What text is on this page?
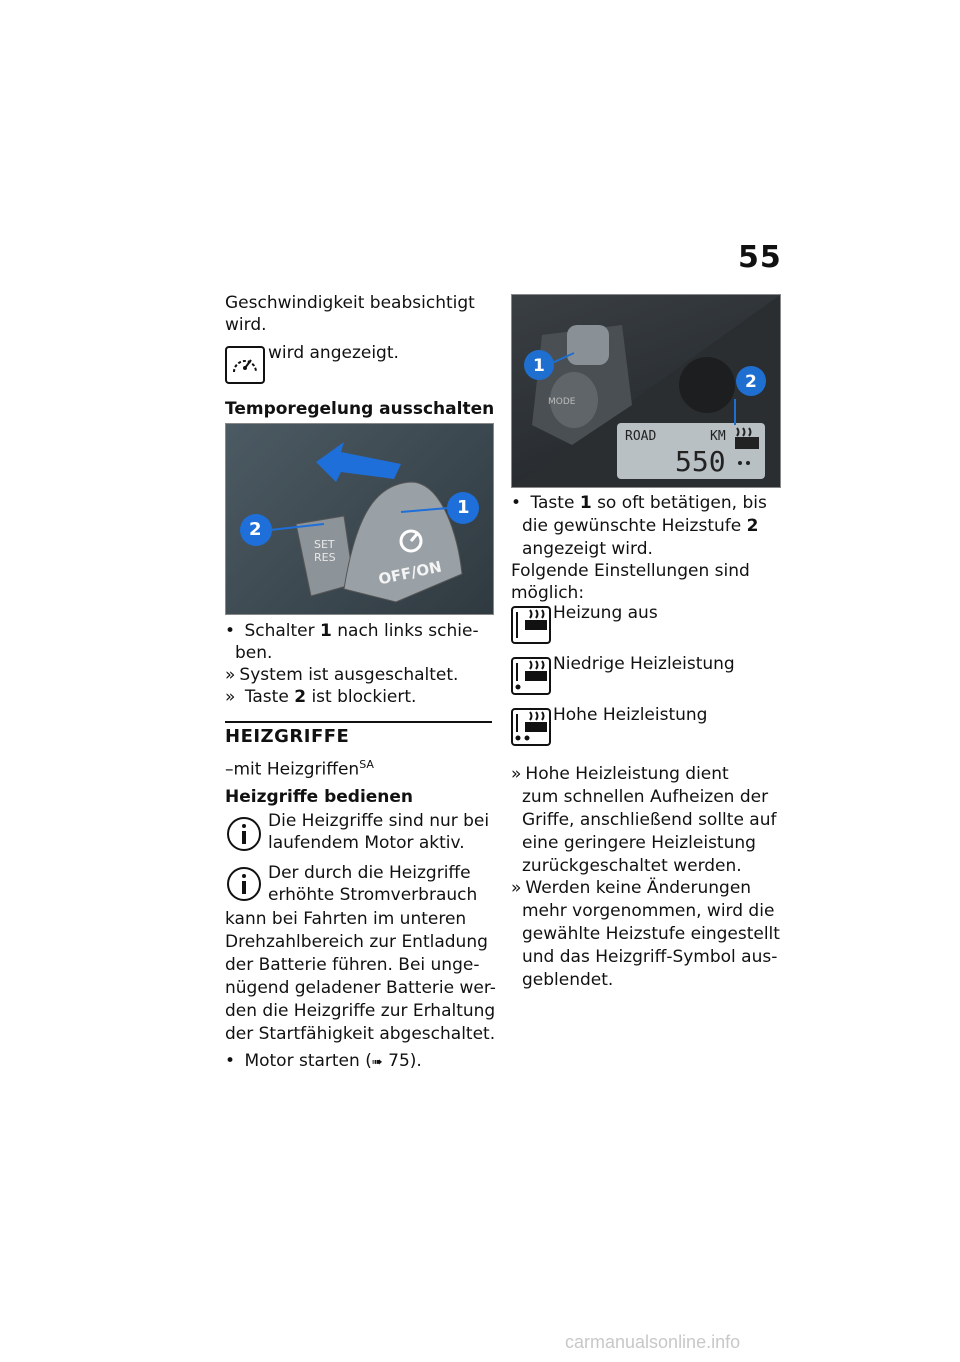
55
Geschwindigkeit beabsichtigt
wird.
wird angezeigt.
Temporegelung ausschalten
2
1
SET
RES
OFF/ON
• Schalter 1 nach links schie-
ben.
» System ist ausgeschaltet.
» Taste 2 ist blockiert.
HEIZGRIFFE
–mit Heizgriffen$^{SA}$
Heizgriffe bedienen
Die Heizgriffe sind nur bei
laufendem Motor aktiv.
Der durch die Heizgriffe
erhöhte Stromverbrauch
kann bei Fahrten im unteren
Drehzahlbereich zur Entladung
der Batterie führen. Bei unge-
nügend geladener Batterie wer-
den die Heizgriffe zur Erhaltung
der Startfähigkeit abgeschaltet.
• Motor starten (➠ 75).
1
2
MODE
ROAD	KM
550
• Taste 1 so oft betätigen, bis
die gewünschte Heizstufe 2
angezeigt wird.
Folgende Einstellungen sind
möglich:
Heizung aus
Niedrige Heizleistung
Hohe Heizleistung
» Hohe Heizleistung dient
zum schnellen Aufheizen der
Griffe, anschließend sollte auf
eine geringere Heizleistung
zurückgeschaltet werden.
» Werden keine Änderungen
mehr vorgenommen, wird die
gewählte Heizstufe eingestellt
und das Heizgriff-Symbol aus-
geblendet.
carmanualsonline.info
